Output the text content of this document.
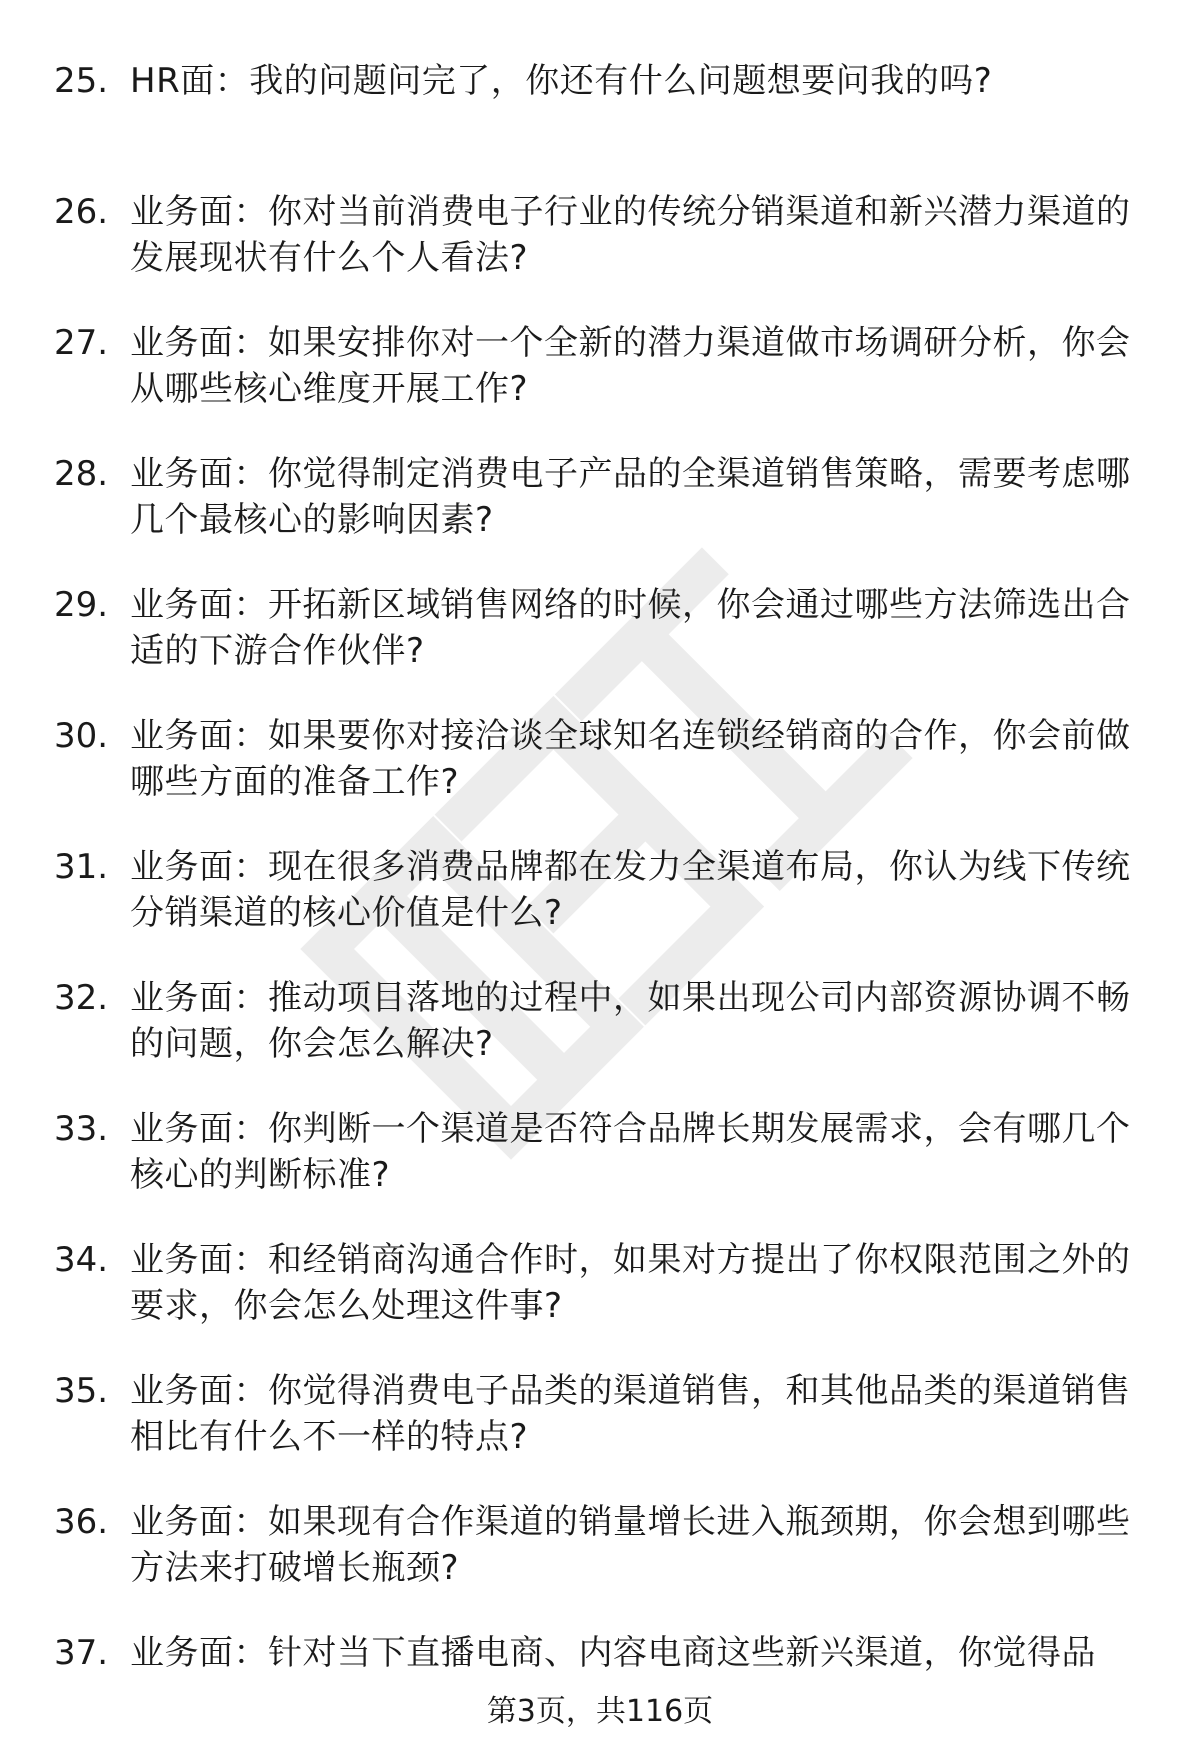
25. HR面：我的问题问完了，你还有什么问题想要问我的吗?
26. 业务面：你对当前消费电子行业的传统分销渠道和新兴潜力渠道的发展现状有什么个人看法?
27. 业务面：如果安排你对一个全新的潜力渠道做市场调研分析，你会从哪些核心维度开展工作?
28. 业务面：你觉得制定消费电子产品的全渠道销售策略，需要考虑哪几个最核心的影响因素?
29. 业务面：开拓新区域销售网络的时候，你会通过哪些方法筛选出合适的下游合作伙伴?
30. 业务面：如果要你对接洽谈全球知名连锁经销商的合作，你会前做哪些方面的准备工作?
31. 业务面：现在很多消费品牌都在发力全渠道布局，你认为线下传统分销渠道的核心价值是什么?
32. 业务面：推动项目落地的过程中，如果出现公司内部资源协调不畅的问题，你会怎么解决?
33. 业务面：你判断一个渠道是否符合品牌长期发展需求，会有哪几个核心的判断标准?
34. 业务面：和经销商沟通合作时，如果对方提出了你权限范围之外的要求，你会怎么处理这件事?
35. 业务面：你觉得消费电子品类的渠道销售，和其他品类的渠道销售相比有什么不一样的特点?
36. 业务面：如果现有合作渠道的销量增长进入瓶颈期，你会想到哪些方法来打破增长瓶颈?
37. 业务面：针对当下直播电商、内容电商这些新兴渠道，你觉得品
第3页，共116页
